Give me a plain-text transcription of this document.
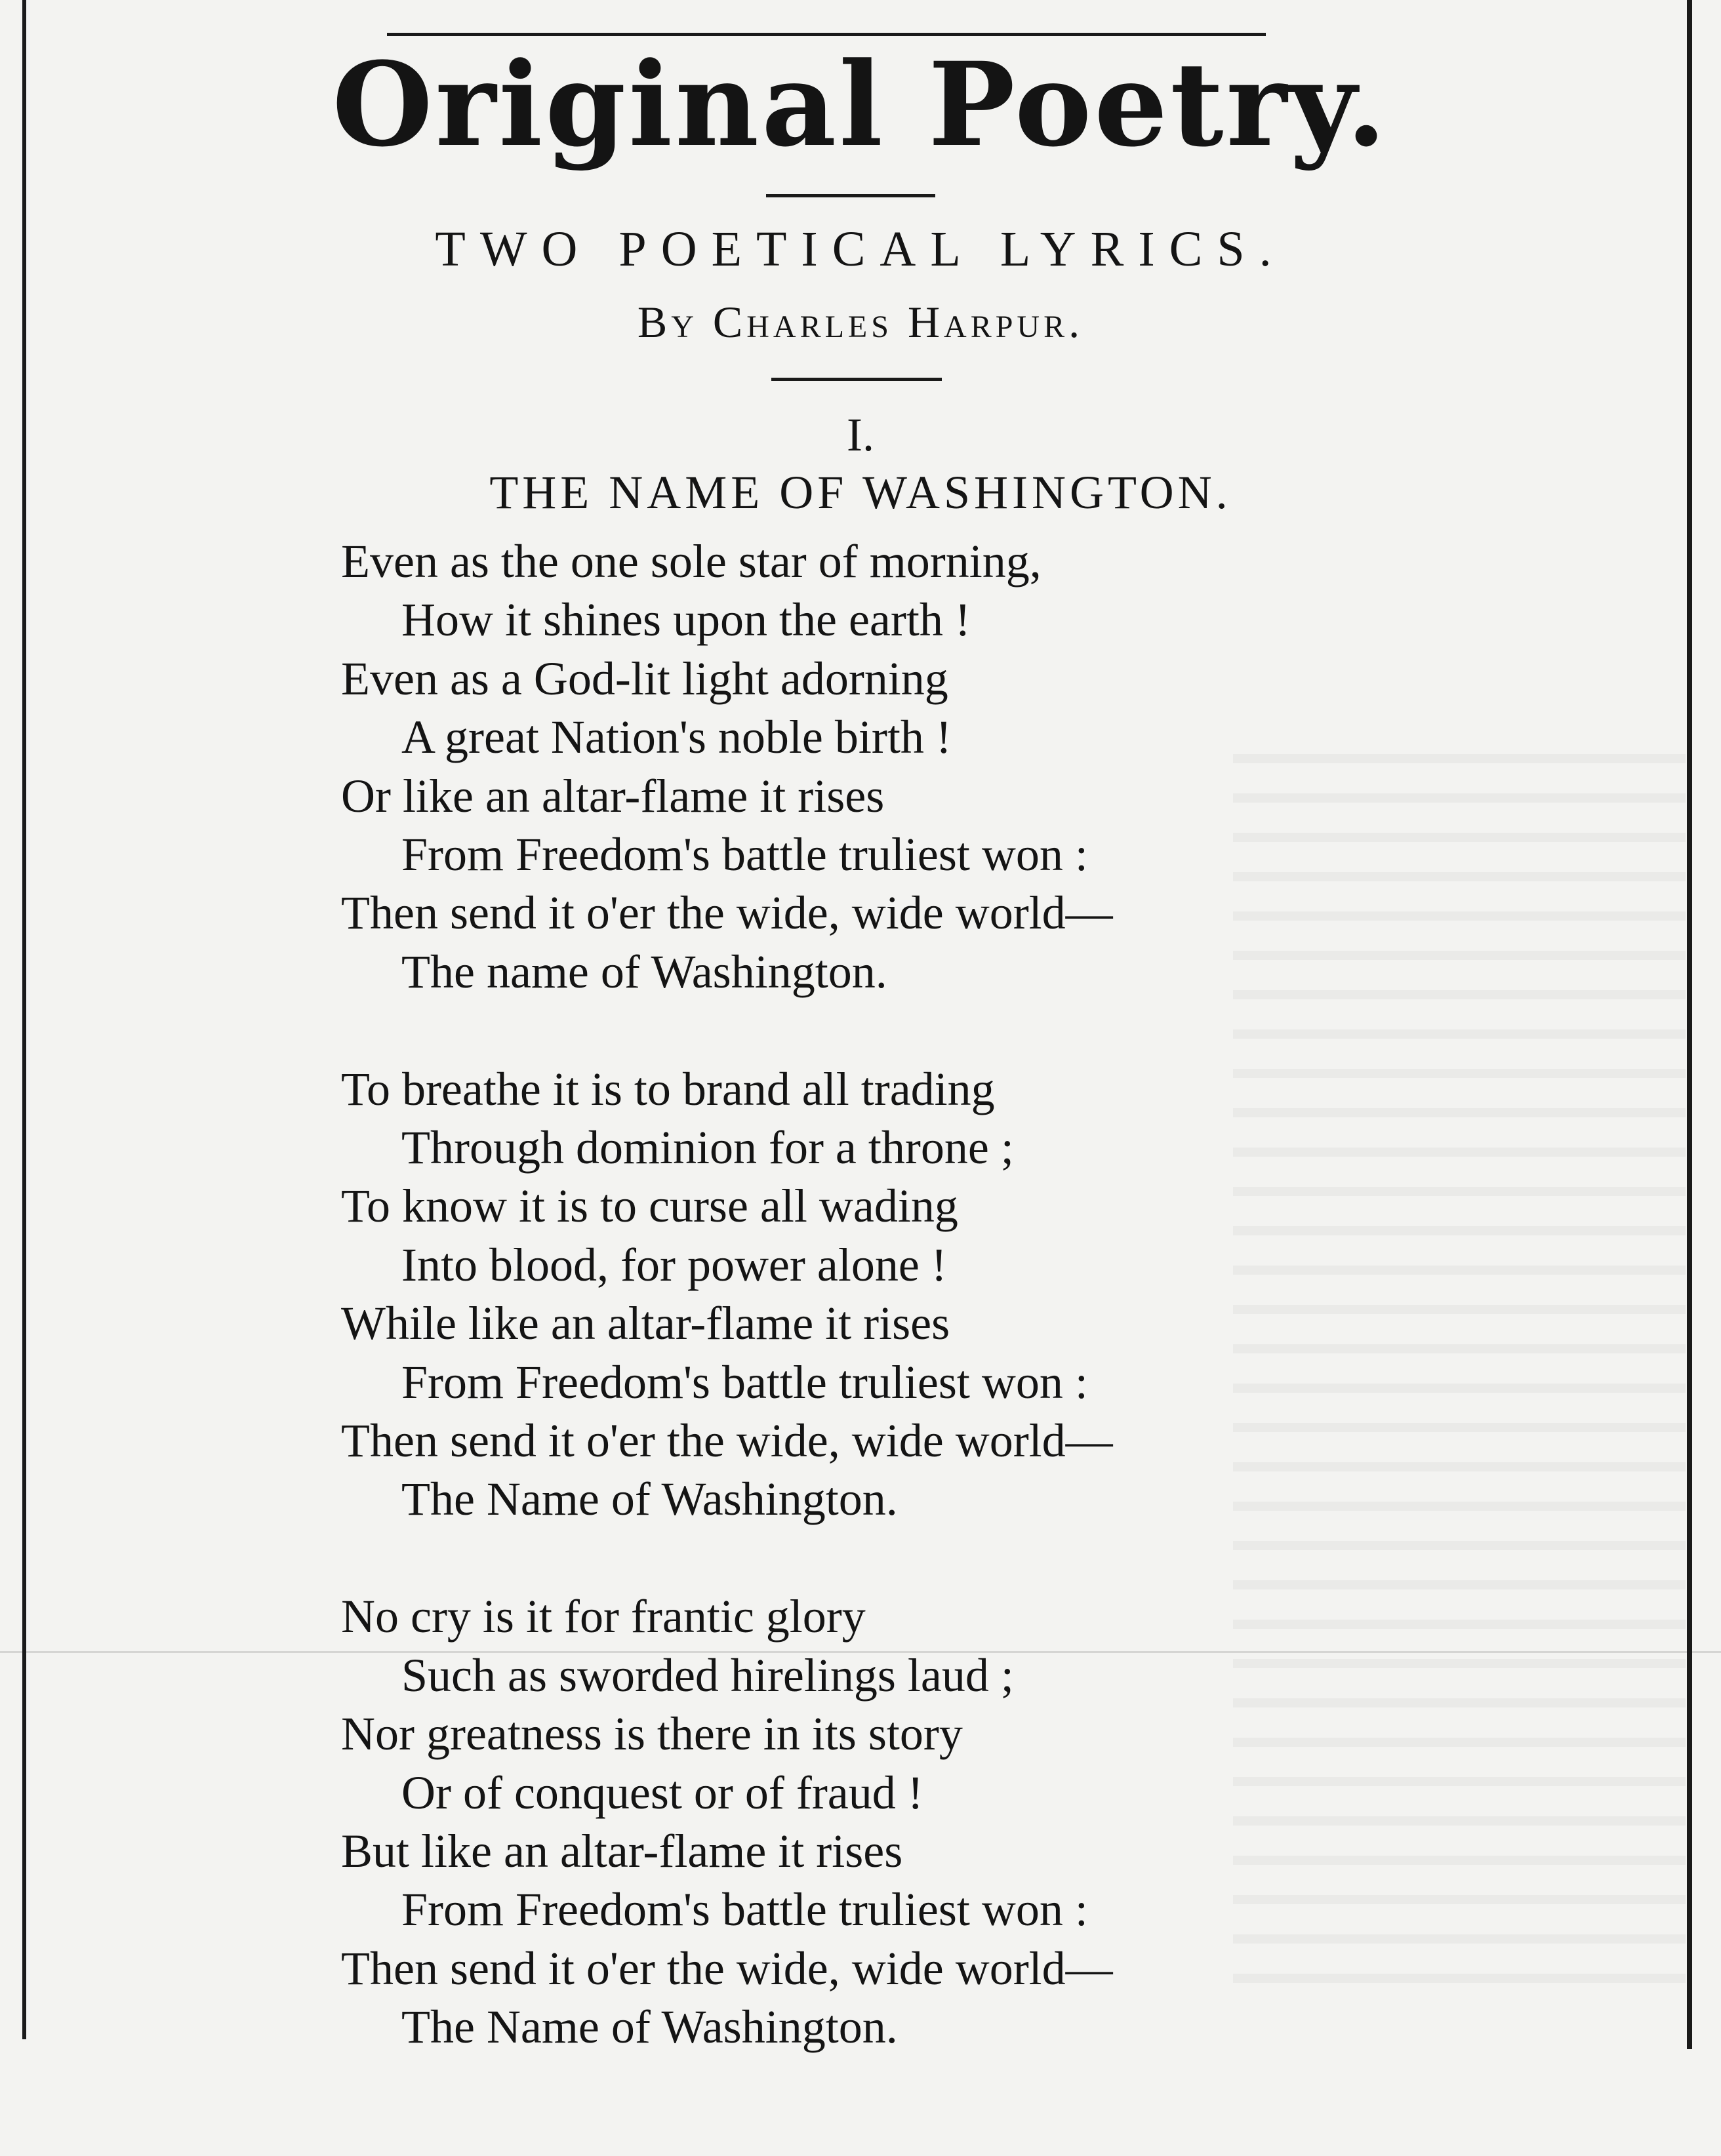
Original Poetry.
TWO POETICAL LYRICS.
By Charles Harpur.
I.
THE NAME OF WASHINGTON.
Even as the one sole star of morning,
How it shines upon the earth !
Even as a God-lit light adorning
A great Nation's noble birth !
Or like an altar-flame it rises
From Freedom's battle truliest won :
Then send it o'er the wide, wide world—
The name of Washington.
To breathe it is to brand all trading
Through dominion for a throne ;
To know it is to curse all wading
Into blood, for power alone !
While like an altar-flame it rises
From Freedom's battle truliest won :
Then send it o'er the wide, wide world—
The Name of Washington.
No cry is it for frantic glory
Such as sworded hirelings laud ;
Nor greatness is there in its story
Or of conquest or of fraud !
But like an altar-flame it rises
From Freedom's battle truliest won :
Then send it o'er the wide, wide world—
The Name of Washington.
